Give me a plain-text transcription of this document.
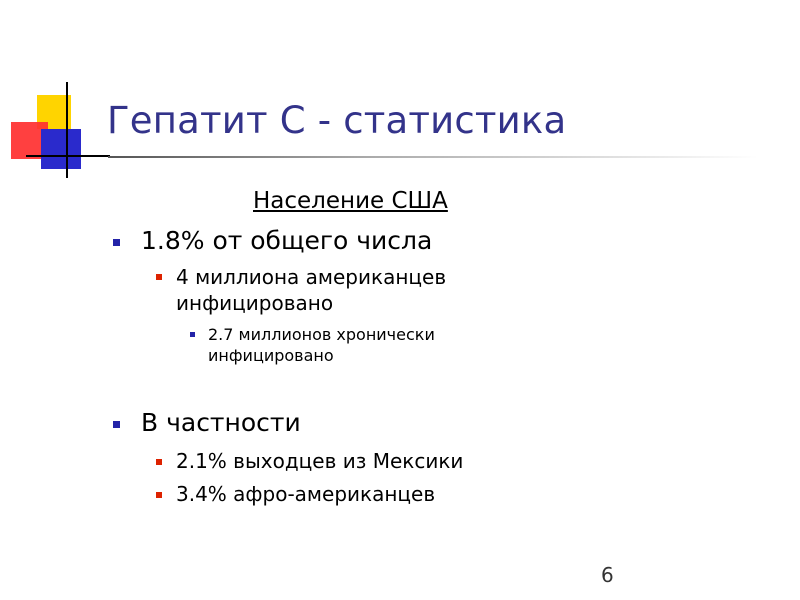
Гепатит C - статистика
Население США
1.8% от общего числа
4 миллиона американцев
инфицировано
2.7 миллионов хронически
инфицировано
В частности
2.1% выходцев из Мексики
3.4% афро-американцев
6
